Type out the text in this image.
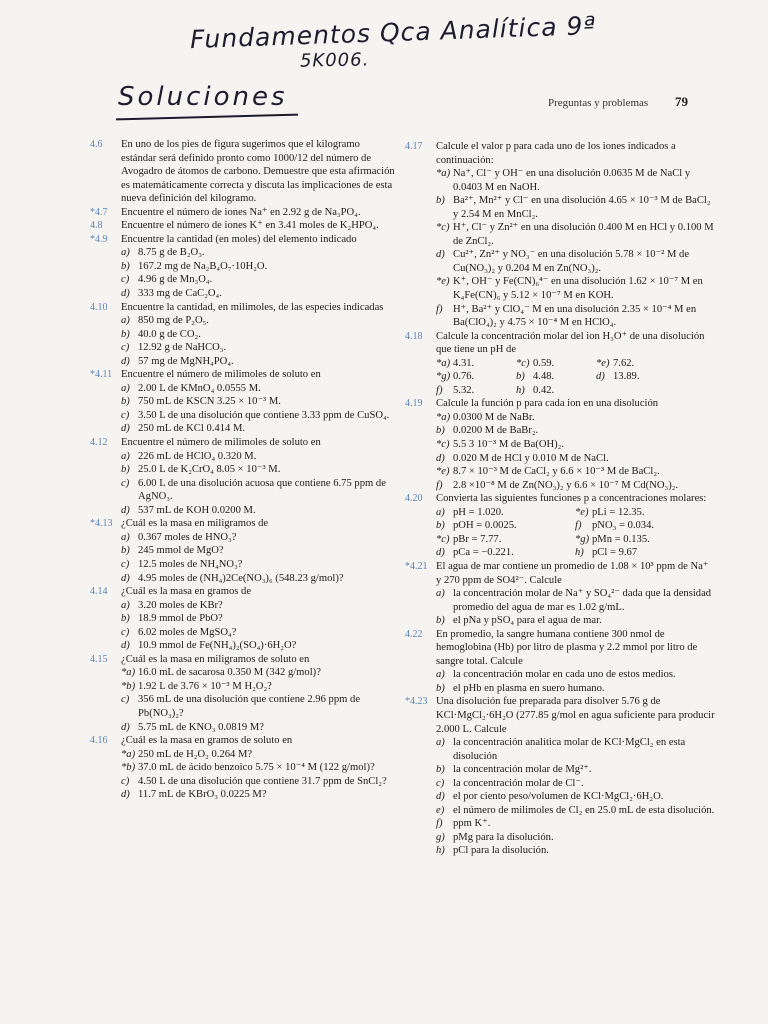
Fundamentos Qca Analítica 9ª
5K006.
Soluciones	Preguntas y problemas 79
4.6 En uno de los pies de figura sugerimos que el kilogramo estándar será definido pronto como 1000/12 del número de Avogadro de átomos de carbono. Demuestre que esta afirmación es matemáticamente correcta y discuta las implicaciones de esta nueva definición del kilogramo.
*4.7 Encuentre el número de iones Na⁺ en 2.92 g de Na₃PO₄.
4.8 Encuentre el número de iones K⁺ en 3.41 moles de K₂HPO₄.
*4.9 Encuentre la cantidad (en moles) del elemento indicado
a) 8.75 g de B₂O₃.
b) 167.2 mg de Na₂B₄O₇·10H₂O.
c) 4.96 g de Mn₃O₄.
d) 333 mg de CaC₂O₄.
4.10 Encuentre la cantidad, en milimoles, de las especies indicadas
a) 850 mg de P₂O₅.
b) 40.0 g de CO₂.
c) 12.92 g de NaHCO₃.
d) 57 mg de MgNH₄PO₄.
*4.11 Encuentre el número de milimoles de soluto en
a) 2.00 L de KMnO₄ 0.0555 M.
b) 750 mL de KSCN 3.25 × 10⁻³ M.
c) 3.50 L de una disolución que contiene 3.33 ppm de CuSO₄.
d) 250 mL de KCl 0.414 M.
4.12 Encuentre el número de milimoles de soluto en
a) 226 mL de HClO₄ 0.320 M.
b) 25.0 L de K₂CrO₄ 8.05 × 10⁻³ M.
c) 6.00 L de una disolución acuosa que contiene 6.75 ppm de AgNO₃.
d) 537 mL de KOH 0.0200 M.
*4.13 ¿Cuál es la masa en miligramos de
a) 0.367 moles de HNO₃?
b) 245 mmol de MgO?
c) 12.5 moles de NH₄NO₃?
d) 4.95 moles de (NH₄)2Ce(NO₃)₆ (548.23 g/mol)?
4.14 ¿Cuál es la masa en gramos de
a) 3.20 moles de KBr?
b) 18.9 mmol de PbO?
c) 6.02 moles de MgSO₄?
d) 10.9 mmol de Fe(NH₄)₂(SO₄)·6H₂O?
4.15 ¿Cuál es la masa en miligramos de soluto en
*a) 16.0 mL de sacarosa 0.350 M (342 g/mol)?
*b) 1.92 L de 3.76 × 10⁻³ M H₂O₂?
c) 356 mL de una disolución que contiene 2.96 ppm de Pb(NO₃)₂?
d) 5.75 mL de KNO₃ 0.0819 M?
4.16 ¿Cuál es la masa en gramos de soluto en
*a) 250 mL de H₂O₂ 0.264 M?
*b) 37.0 mL de ácido benzoico 5.75 × 10⁻⁴ M (122 g/mol)?
c) 4.50 L de una disolución que contiene 31.7 ppm de SnCl₂?
d) 11.7 mL de KBrO₃ 0.0225 M?
4.17 Calcule el valor p para cada uno de los iones indicados a continuación:
*a) Na⁺, Cl⁻ y OH⁻ en una disolución 0.0635 M de NaCl y 0.0403 M en NaOH.
b) Ba²⁺, Mn²⁺ y Cl⁻ en una disolución 4.65 × 10⁻³ M de BaCl₂ y 2.54 M en MnCl₂.
*c) H⁺, Cl⁻ y Zn²⁺ en una disolución 0.400 M en HCl y 0.100 M de ZnCl₂.
d) Cu²⁺, Zn²⁺ y NO₃⁻ en una disolución 5.78 × 10⁻² M de Cu(NO₃)₂ y 0.204 M en Zn(NO₃)₂.
*e) K⁺, OH⁻ y Fe(CN)₆⁴⁻ en una disolución 1.62 × 10⁻⁷ M en K₄Fe(CN)₆ y 5.12 × 10⁻⁷ M en KOH.
f) H⁺, Ba²⁺ y ClO₄⁻ M en una disolución 2.35 × 10⁻⁴ M en Ba(ClO₄)₂ y 4.75 × 10⁻⁴ M en HClO₄.
4.18 Calcule la concentración molar del ion H₃O⁺ de una disolución que tiene un pH de
*a) 4.31.	*c) 0.59.	*e) 7.62.
*g) 0.76.	b) 4.48.	d) 13.89.
f) 5.32.	h) 0.42.
4.19 Calcule la función p para cada ion en una disolución
*a) 0.0300 M de NaBr.
b) 0.0200 M de BaBr₂.
*c) 5.5 3 10⁻³ M de Ba(OH)₂.
d) 0.020 M de HCl y 0.010 M de NaCl.
*e) 8.7 × 10⁻³ M de CaCl₂ y 6.6 × 10⁻³ M de BaCl₂.
f) 2.8 ×10⁻⁸ M de Zn(NO₃)₂ y 6.6 × 10⁻⁷ M Cd(NO₃)₂.
4.20 Convierta las siguientes funciones p a concentraciones molares:
a) pH = 1.020.	*e) pLi = 12.35.
b) pOH = 0.0025.	f) pNO₃ = 0.034.
*c) pBr = 7.77.	*g) pMn = 0.135.
d) pCa = −0.221.	h) pCl = 9.67
*4.21 El agua de mar contiene un promedio de 1.08 × 10³ ppm de Na⁺ y 270 ppm de SO4²⁻. Calcule
a) la concentración molar de Na⁺ y SO₄²⁻ dada que la densidad promedio del agua de mar es 1.02 g/mL.
b) el pNa y pSO₄ para el agua de mar.
4.22 En promedio, la sangre humana contiene 300 nmol de hemoglobina (Hb) por litro de plasma y 2.2 mmol por litro de sangre total. Calcule
a) la concentración molar en cada uno de estos medios.
b) el pHb en plasma en suero humano.
*4.23 Una disolución fue preparada para disolver 5.76 g de KCl·MgCl₂·6H₂O (277.85 g/mol en agua suficiente para producir 2.000 L. Calcule
a) la concentración analítica molar de KCl·MgCl₂ en esta disolución
b) la concentración molar de Mg²⁺.
c) la concentración molar de Cl⁻.
d) el por ciento peso/volumen de KCl·MgCl₂·6H₂O.
e) el número de milimoles de Cl₂ en 25.0 mL de esta disolución.
f) ppm K⁺.
g) pMg para la disolución.
h) pCl para la disolución.
